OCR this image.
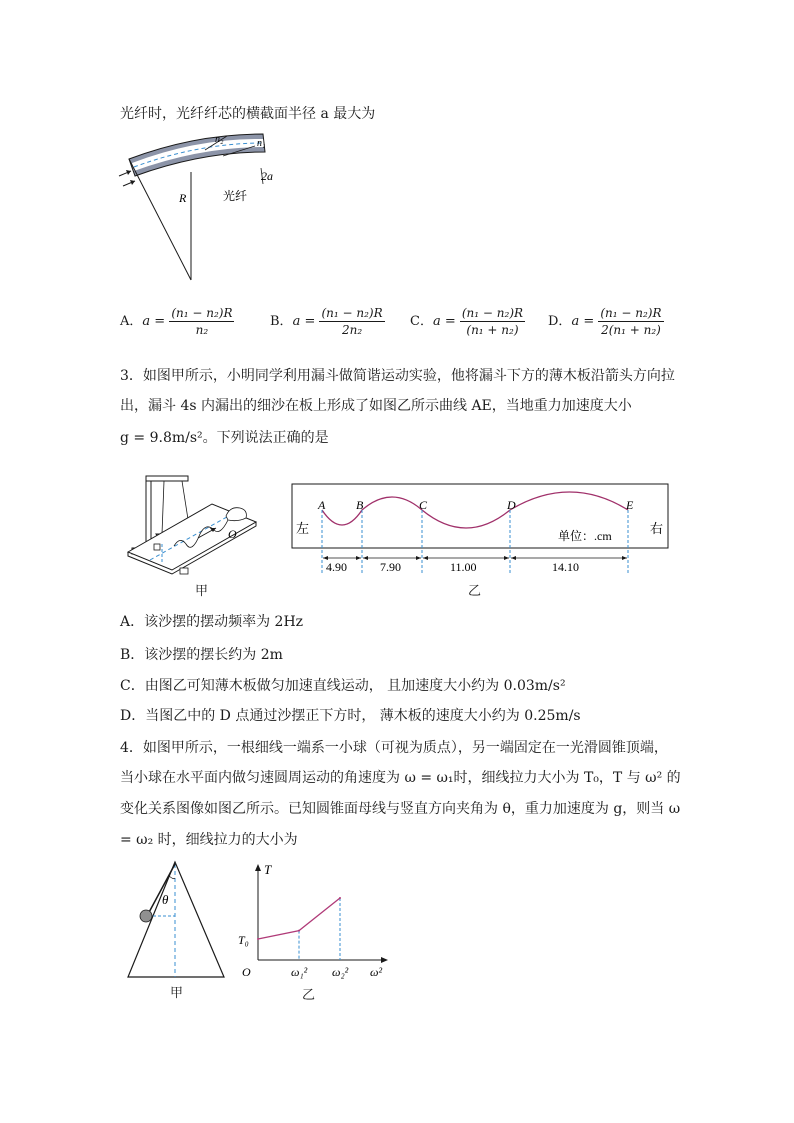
光纤时，光纤纤芯的横截面半径 a 最大为
n₂	n₁
2a
R	光纤
A．$a = \frac{\text{(n₁ − n₂)R}}{\text{n₂}}$	B．$a = \frac{\text{(n₁ − n₂)R}}{\text{2n₂}}$ C．$a = \frac{\text{(n₁ − n₂)R}}{\text{(n₁ + n₂)}}$ D．$a = \frac{\text{(n₁ − n₂)R}}{\text{2(n₁ + n₂)}}$
3．如图甲所示，小明同学利用漏斗做简谐运动实验，他将漏斗下方的薄木板沿箭头方向拉
出，漏斗 4s 内漏出的细沙在板上形成了如图乙所示曲线 AE，当地重力加速度大小
g = 9.8m/s²。下列说法正确的是
O
甲
A	B	C	D	E
左	右
单位：.cm
4.90	7.90	11.00	14.10
乙
A．该沙摆的摆动频率为 2Hz
B．该沙摆的摆长约为 2m
C．由图乙可知薄木板做匀加速直线运动， 且加速度大小约为 0.03m/s²
D．当图乙中的 D 点通过沙摆正下方时， 薄木板的速度大小约为 0.25m/s
4．如图甲所示，一根细线一端系一小球（可视为质点），另一端固定在一光滑圆锥顶端，
当小球在水平面内做匀速圆周运动的角速度为 ω = ω₁时，细线拉力大小为 T₀，T 与 ω² 的
变化关系图像如图乙所示。已知圆锥面母线与竖直方向夹角为 θ，重力加速度为 g，则当 ω
= ω₂ 时，细线拉力的大小为
θ
甲
T
T₀
O	ω₁² ω₂² ω²
乙
